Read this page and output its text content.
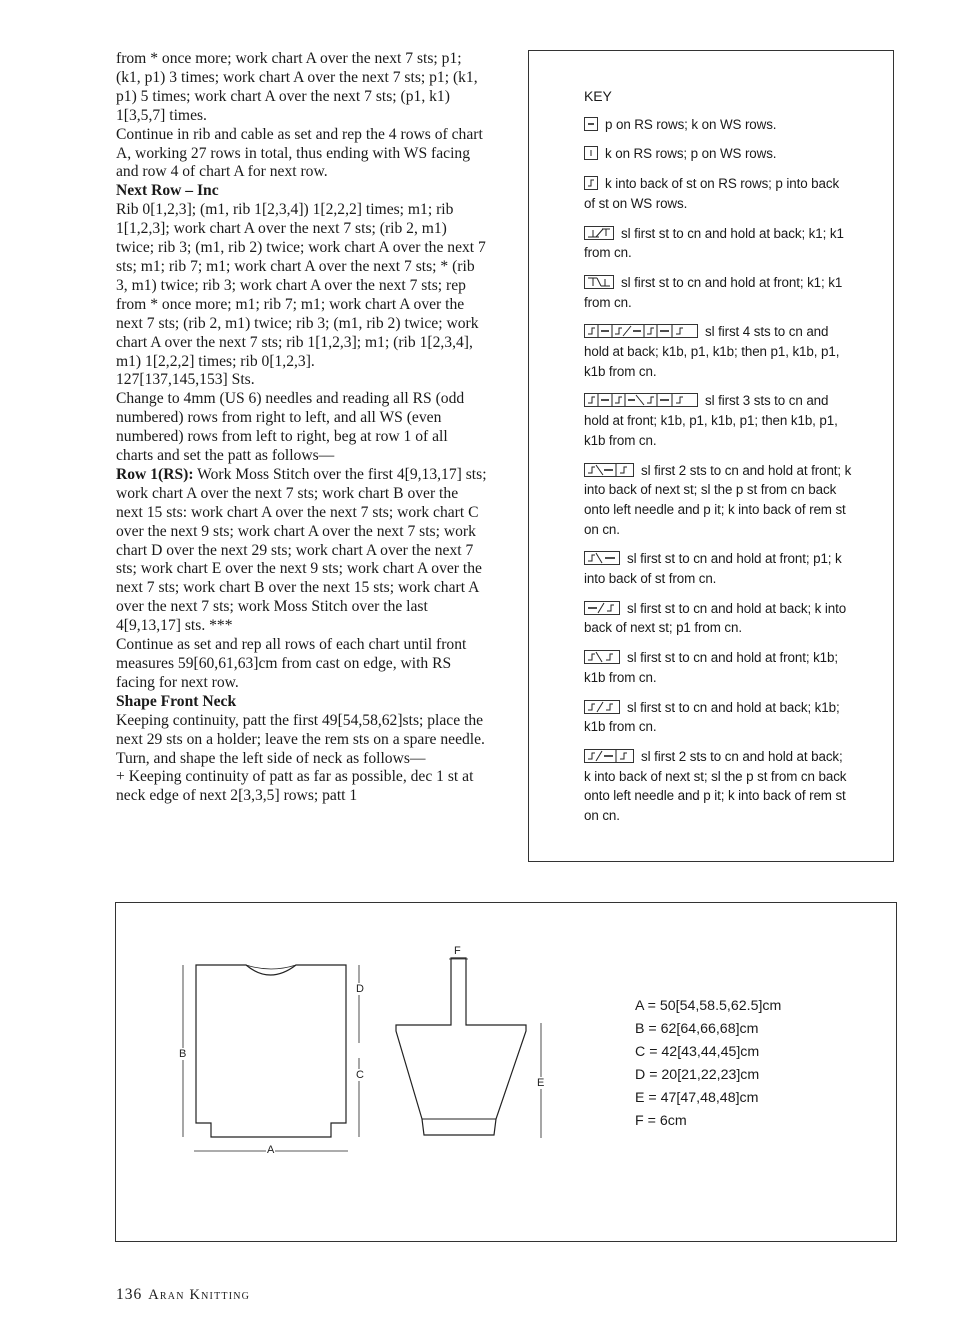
from * once more; work chart A over the next 7 sts; p1; (k1, p1) 3 times; work chart A over the next 7 sts; p1; (k1, p1) 5 times; work chart A over the next 7 sts; (p1, k1) 1[3,5,7] times.

Continue in rib and cable as set and rep the 4 rows of chart A, working 27 rows in total, thus ending with WS facing and row 4 of chart A for next row.

Next Row – Inc

Rib 0[1,2,3]; (m1, rib 1[2,3,4]) 1[2,2,2] times; m1; rib 1[1,2,3]; work chart A over the next 7 sts; (rib 2, m1) twice; rib 3; (m1, rib 2) twice; work chart A over the next 7 sts; m1; rib 7; m1; work chart A over the next 7 sts; * (rib 3, m1) twice; rib 3; work chart A over the next 7 sts; rep from * once more; m1; rib 7; m1; work chart A over the next 7 sts; (rib 2, m1) twice; rib 3; (m1, rib 2) twice; work chart A over the next 7 sts; rib 1[1,2,3]; m1; (rib 1[2,3,4], m1) 1[2,2,2] times; rib 0[1,2,3].

127[137,145,153] Sts.

Change to 4mm (US 6) needles and reading all RS (odd numbered) rows from right to left, and all WS (even numbered) rows from left to right, beg at row 1 of all charts and set the patt as follows—

Row 1(RS): Work Moss Stitch over the first 4[9,13,17] sts; work chart A over the next 7 sts; work chart B over the next 15 sts: work chart A over the next 7 sts; work chart C over the next 9 sts; work chart A over the next 7 sts; work chart D over the next 29 sts; work chart A over the next 7 sts; work chart E over the next 9 sts; work chart A over the next 7 sts; work chart B over the next 15 sts; work chart A over the next 7 sts; work Moss Stitch over the last 4[9,13,17] sts. ***

Continue as set and rep all rows of each chart until front measures 59[60,61,63]cm from cast on edge, with RS facing for next row.

Shape Front Neck

Keeping continuity, patt the first 49[54,58,62]sts; place the next 29 sts on a holder; leave the rem sts on a spare needle. Turn, and shape the left side of neck as follows—

+ Keeping continuity of patt as far as possible, dec 1 st at neck edge of next 2[3,3,5] rows; patt 1

KEY
p on RS rows; k on WS rows.
k on RS rows; p on WS rows.
k into back of st on RS rows; p into back of st on WS rows.
sl first st to cn and hold at back; k1; k1 from cn.
sl first st to cn and hold at front; k1; k1 from cn.
sl first 4 sts to cn and hold at back; k1b, p1, k1b; then p1, k1b, p1, k1b from cn.
sl first 3 sts to cn and hold at front; k1b, p1, k1b, p1; then k1b, p1, k1b from cn.
sl first 2 sts to cn and hold at front; k into back of next st; sl the p st from cn back onto left needle and p it; k into back of rem st on cn.
sl first st to cn and hold at front; p1; k into back of st from cn.
sl first st to cn and hold at back; k into back of next st; p1 from cn.
sl first st to cn and hold at front; k1b; k1b from cn.
sl first st to cn and hold at back; k1b; k1b from cn.
sl first 2 sts to cn and hold at back; k into back of next st; sl the p st from cn back onto left needle and p it; k into back of rem st on cn.
B
A
D
C
F
E
A = 50[54,58.5,62.5]cm
B = 62[64,66,68]cm
C = 42[43,44,45]cm
D = 20[21,22,23]cm
E = 47[47,48,48]cm
F = 6cm
136 Aran Knitting
